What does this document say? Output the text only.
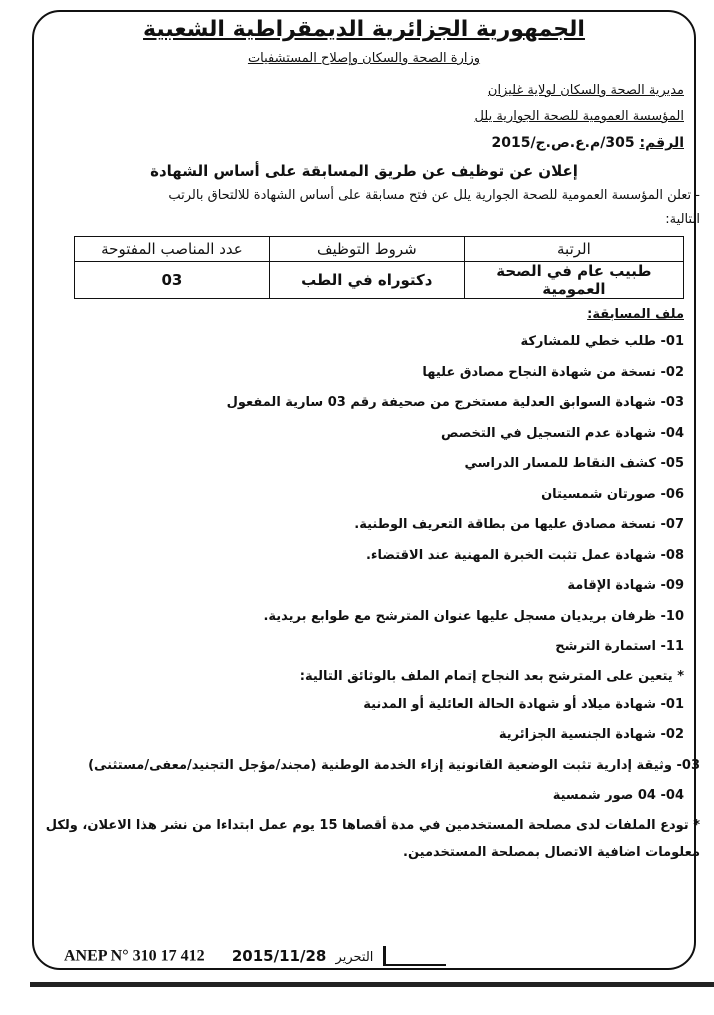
الجمهورية الجزائرية الديمقراطية الشعبية
وزارة الصحة والسكان وإصلاح المستشفيات
مديرية الصحة والسكان لولاية غليزان
المؤسسة العمومية للصحة الجوارية يلل
الرقم: 305/م.ع.ص.ج/2015
إعلان عن توظيف عن طريق المسابقة على أساس الشهادة
- تعلن المؤسسة العمومية للصحة الجوارية يلل عن فتح مسابقة على أساس الشهادة للالتحاق بالرتب
التالية:
الرتبة	شروط التوظيف	عدد المناصب المفتوحة
طبيب عام في الصحة العمومية	دكتوراه في الطب	03
ملف المسابقة:
01- طلب خطي للمشاركة
02- نسخة من شهادة النجاح مصادق عليها
03- شهادة السوابق العدلية مستخرج من صحيفة رقم 03 سارية المفعول
04- شهادة عدم التسجيل في التخصص
05- كشف النقاط للمسار الدراسي
06- صورتان شمسيتان
07- نسخة مصادق عليها من بطاقة التعريف الوطنية.
08- شهادة عمل تثبت الخبرة المهنية عند الاقتضاء.
09- شهادة الإقامة
10- ظرفان بريديان مسجل عليها عنوان المترشح مع طوابع بريدية.
11- استمارة الترشح
* يتعين على المترشح بعد النجاح إتمام الملف بالوثائق التالية:
01- شهادة ميلاد أو شهادة الحالة العائلية أو المدنية
02- شهادة الجنسية الجزائرية
03- وثيقة إدارية تثبت الوضعية القانونية إزاء الخدمة الوطنية (مجند/مؤجل التجنيد/معفى/مستثنى)
04- 04 صور شمسية
* تودع الملفات لدى مصلحة المستخدمين في مدة أقصاها 15 يوم عمل ابتداءا من نشر هذا الاعلان، ولكل
معلومات اضافية الاتصال بمصلحة المستخدمين.
ANEP N° 310 17 412 2015/11/28 التحرير
